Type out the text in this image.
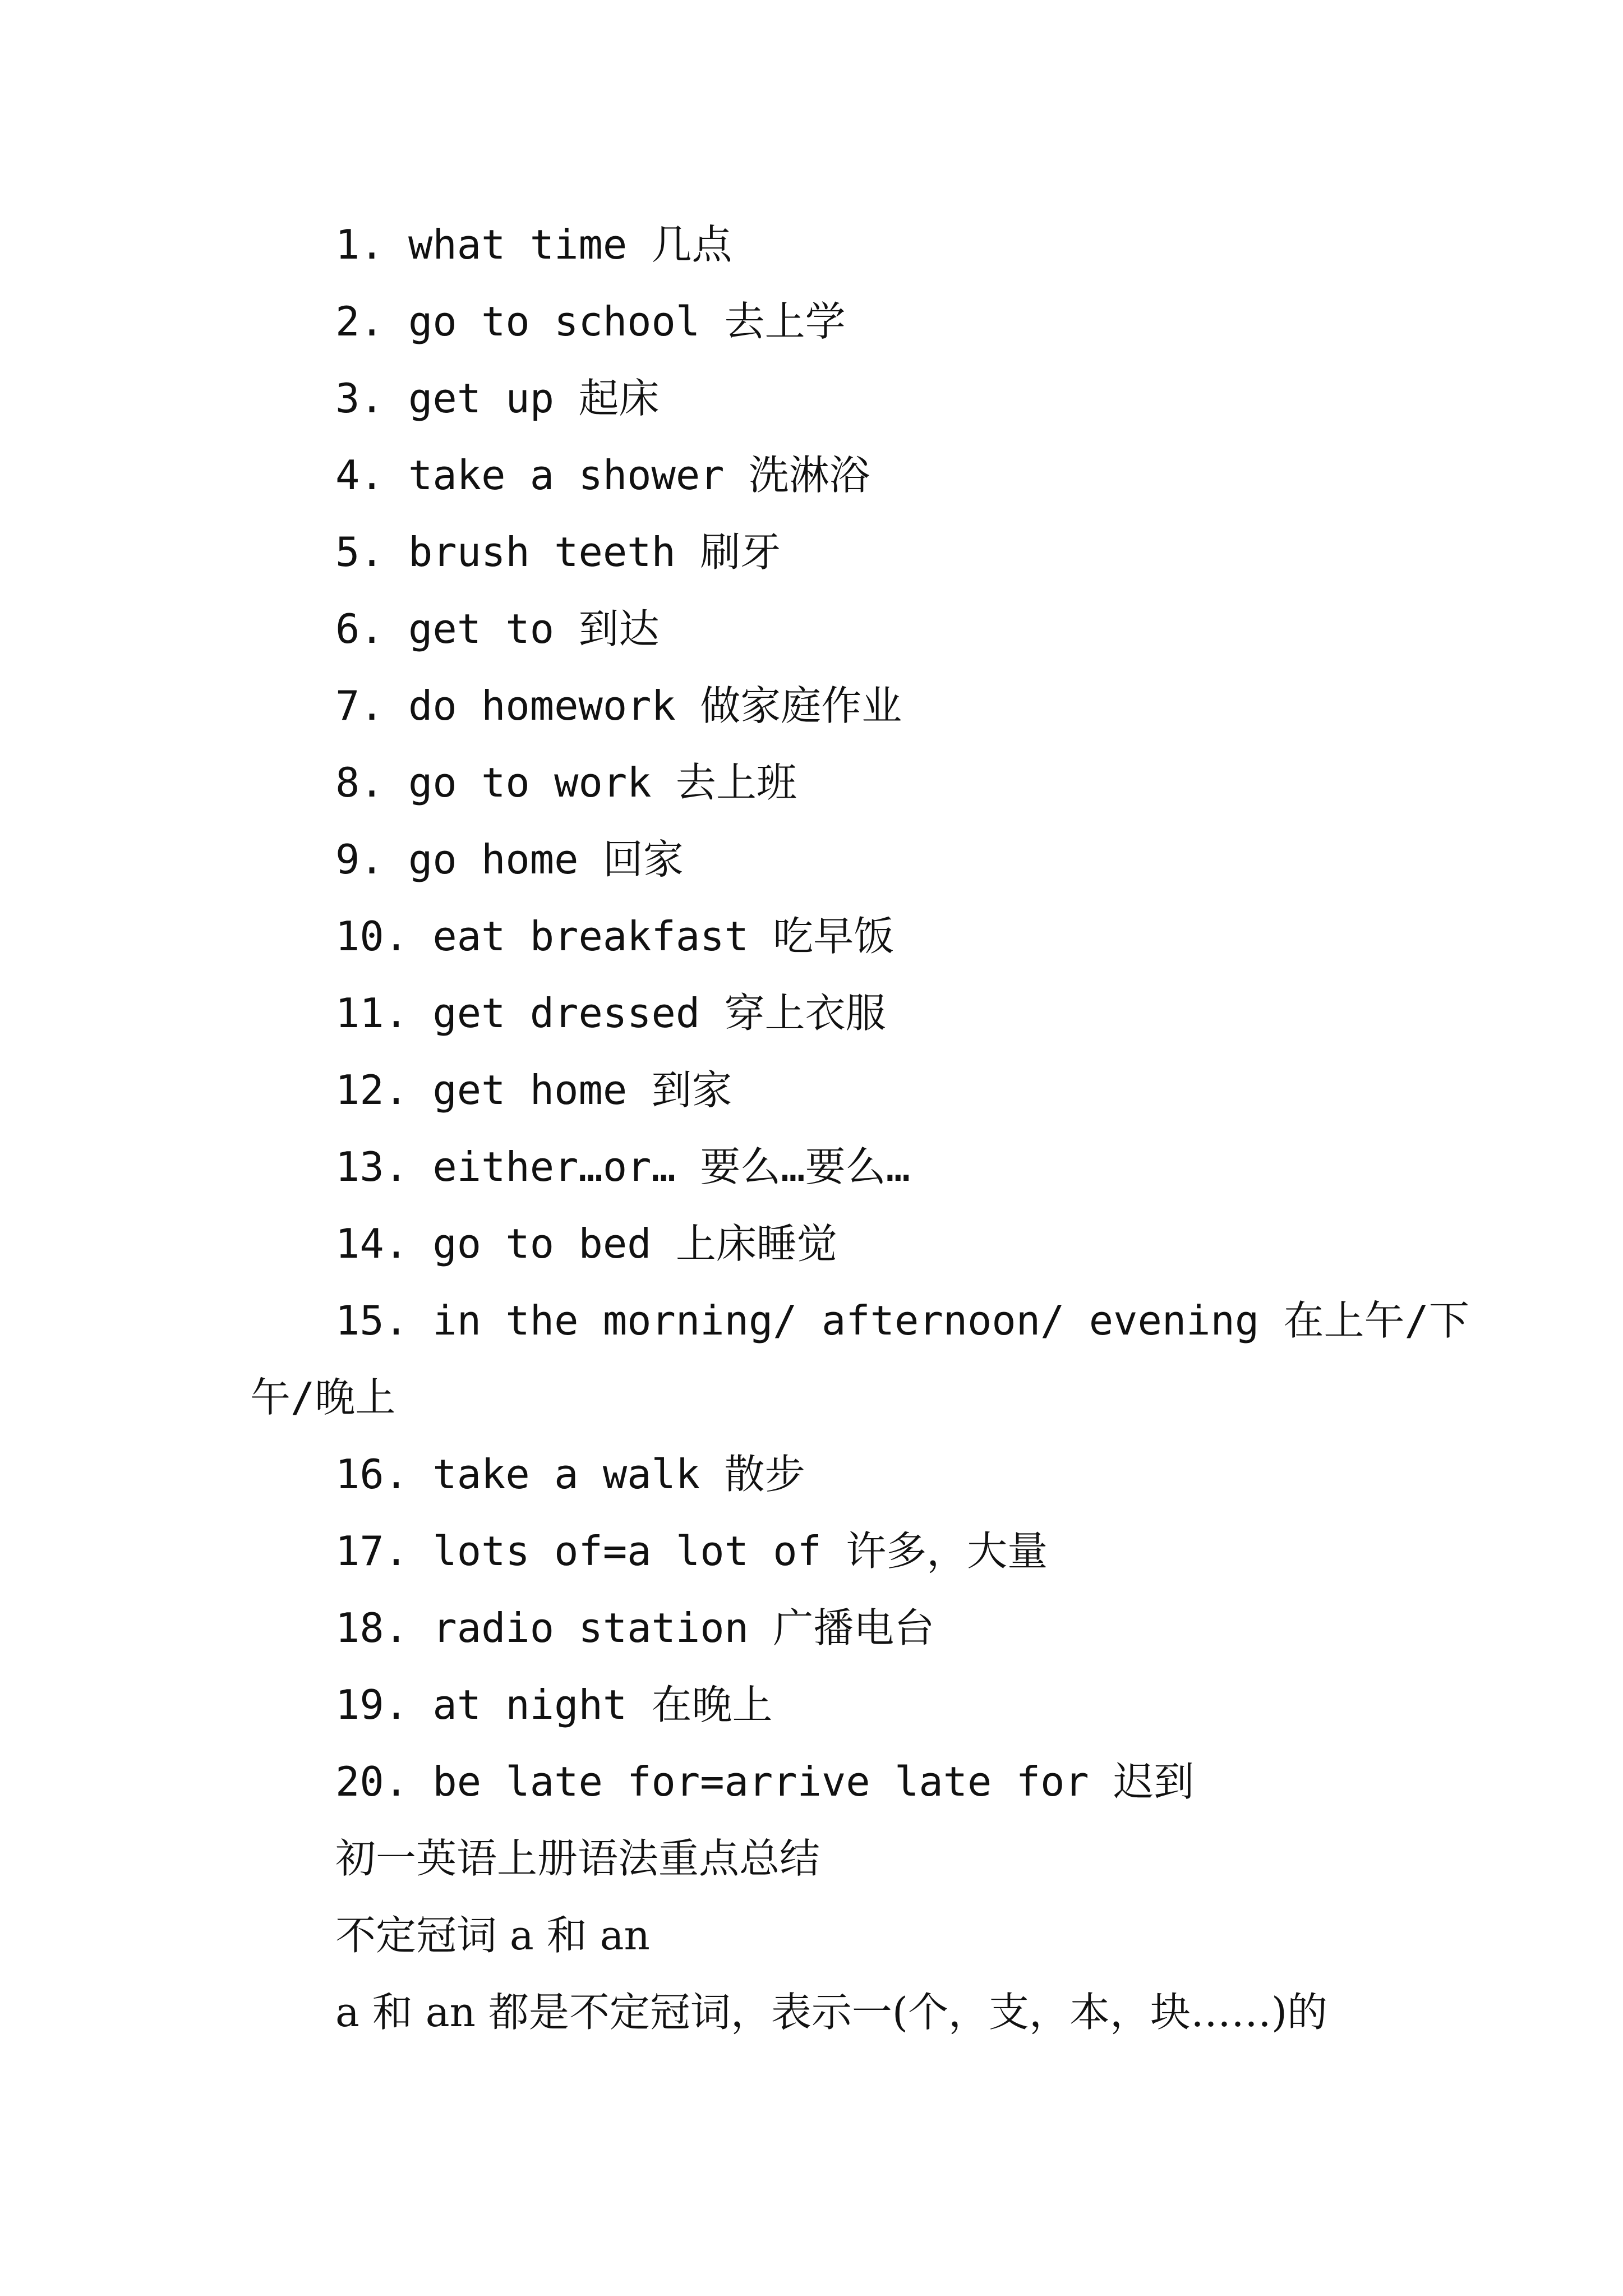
1. what time 几点
2. go to school 去上学
3. get up 起床
4. take a shower 洗淋浴
5. brush teeth 刷牙
6. get to 到达
7. do homework 做家庭作业
8. go to work 去上班
9. go home 回家
10. eat breakfast 吃早饭
11. get dressed 穿上衣服
12. get home 到家
13. either…or… 要么…要么…
14. go to bed 上床睡觉
15. in the morning/ afternoon/ evening 在上午/下
午/晚上
16. take a walk 散步
17. lots of=a lot of 许多，大量
18. radio station 广播电台
19. at night 在晚上
20. be late for=arrive late for 迟到
初一英语上册语法重点总结
不定冠词 a 和 an
a 和 an 都是不定冠词，表示一(个，支，本，块……)的
